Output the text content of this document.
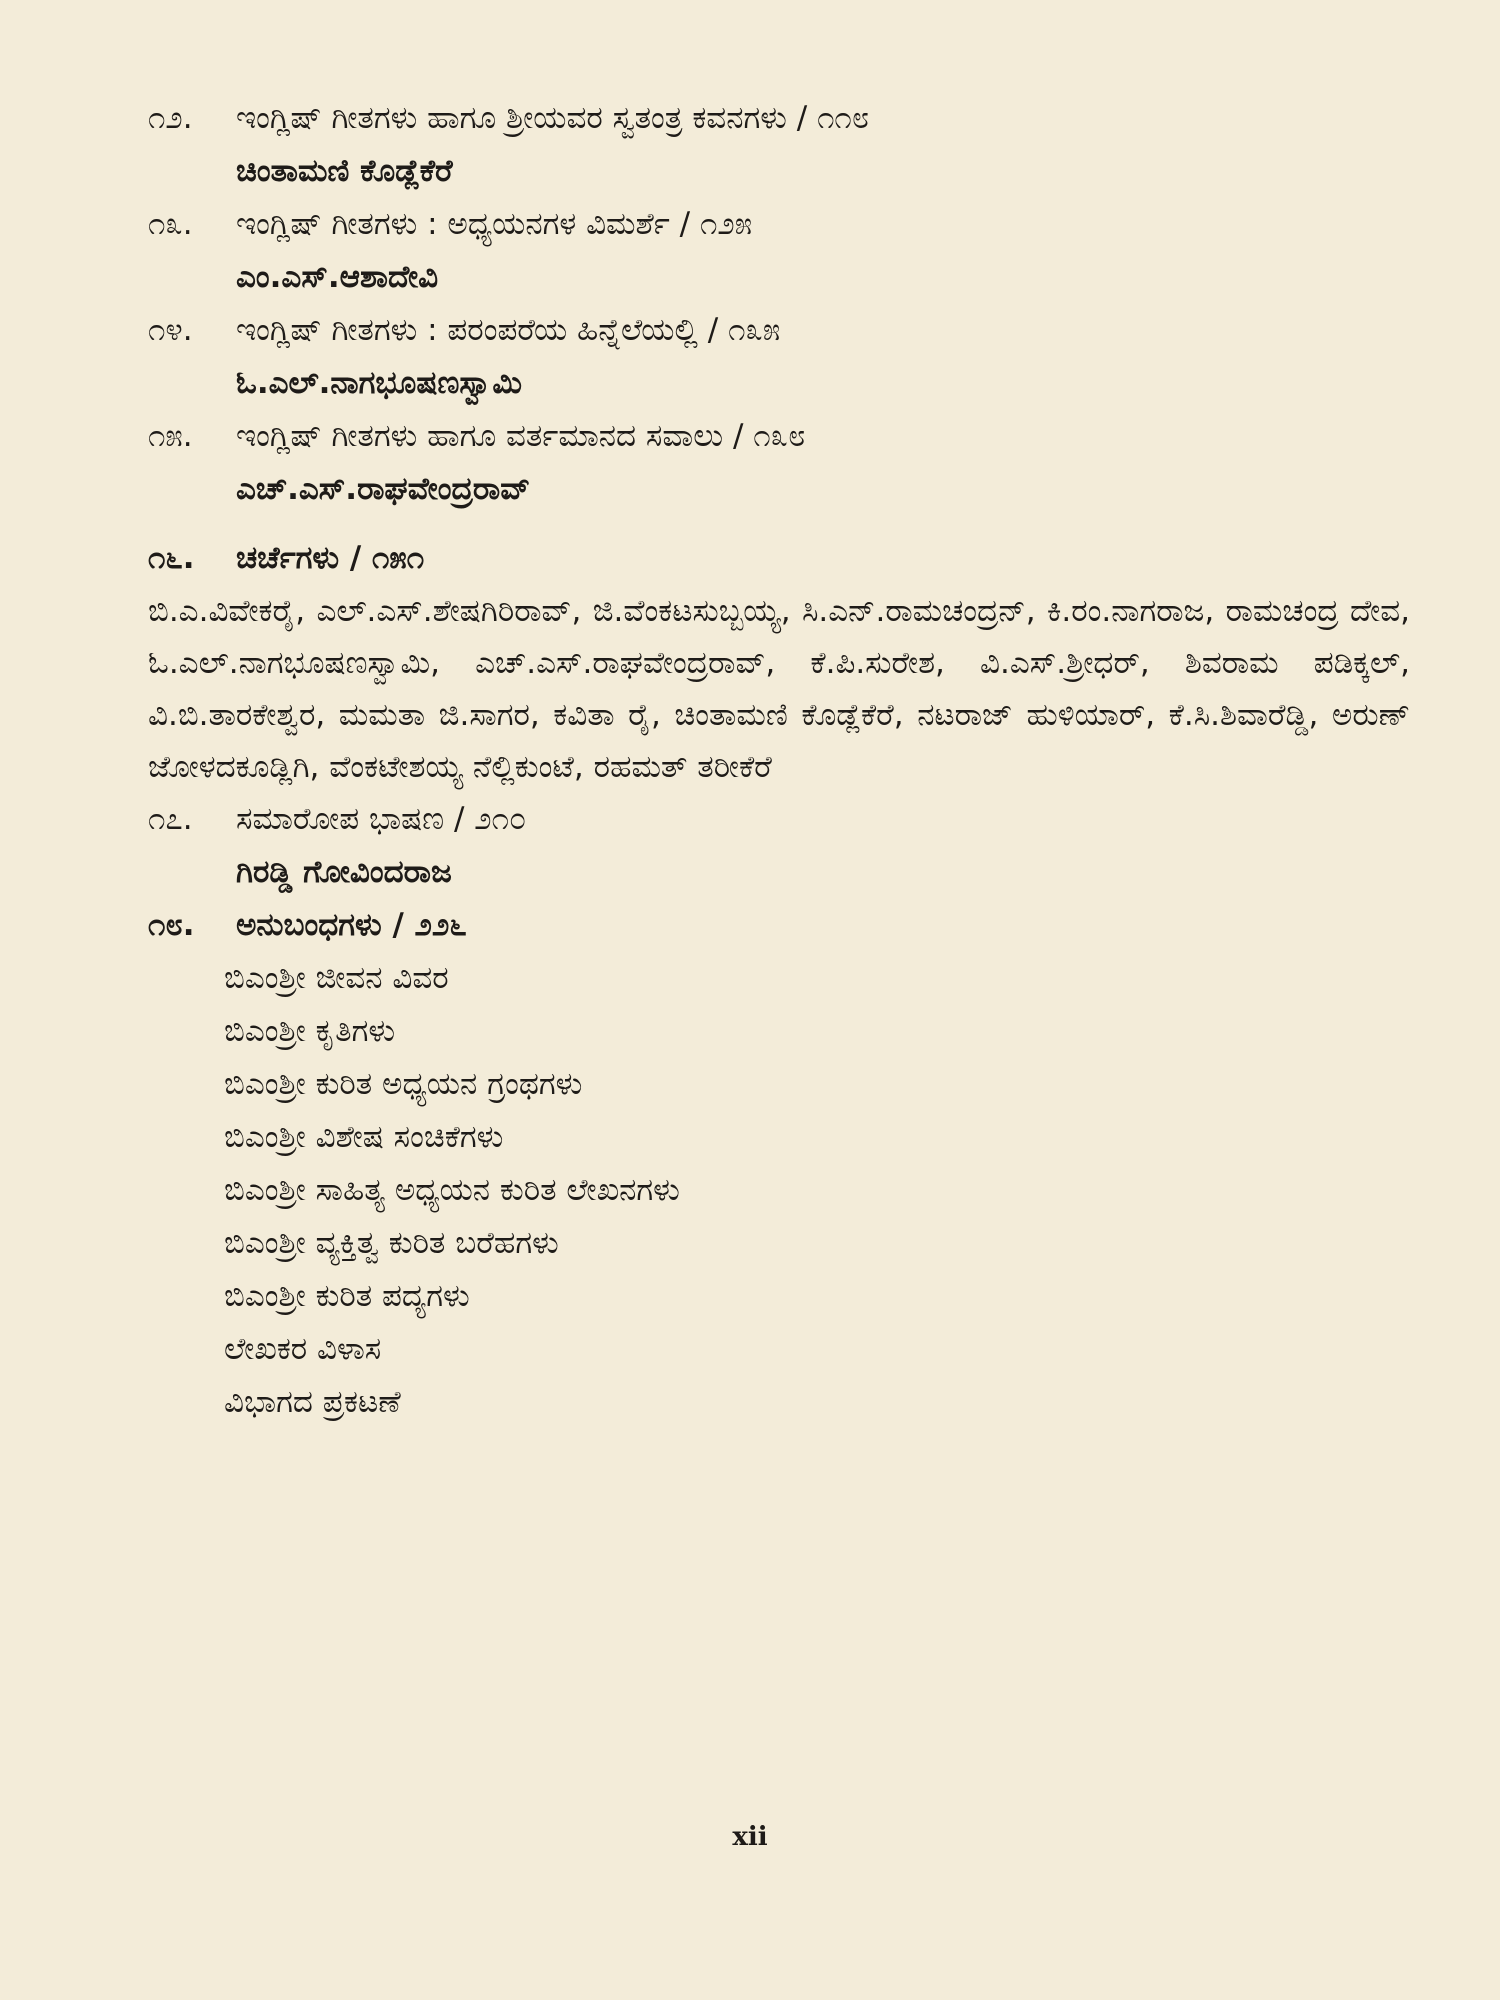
೧೨. ಇಂಗ್ಲಿಷ್ ಗೀತಗಳು ಹಾಗೂ ಶ್ರೀಯವರ ಸ್ವತಂತ್ರ ಕವನಗಳು / ೧೧೮
ಚಿಂತಾಮಣಿ ಕೊಡ್ಲೆಕೆರೆ
೧೩. ಇಂಗ್ಲಿಷ್ ಗೀತಗಳು : ಅಧ್ಯಯನಗಳ ವಿಮರ್ಶೆ / ೧೨೫
ಎಂ.ಎಸ್.ಆಶಾದೇವಿ
೧೪. ಇಂಗ್ಲಿಷ್ ಗೀತಗಳು : ಪರಂಪರೆಯ ಹಿನ್ನೆಲೆಯಲ್ಲಿ / ೧೩೫
ಓ.ಎಲ್.ನಾಗಭೂಷಣಸ್ವಾಮಿ
೧೫. ಇಂಗ್ಲಿಷ್ ಗೀತಗಳು ಹಾಗೂ ವರ್ತಮಾನದ ಸವಾಲು / ೧೩೮
ಎಚ್.ಎಸ್.ರಾಘವೇಂದ್ರರಾವ್
೧೬. ಚರ್ಚೆಗಳು / ೧೫೧
ಬಿ.ಎ.ವಿವೇಕರೈ, ಎಲ್.ಎಸ್.ಶೇಷಗಿರಿರಾವ್, ಜಿ.ವೆಂಕಟಸುಬ್ಬಯ್ಯ, ಸಿ.ಎನ್.ರಾಮಚಂದ್ರನ್, ಕಿ.ರಂ.ನಾಗರಾಜ, ರಾಮಚಂದ್ರ ದೇವ, ಓ.ಎಲ್.ನಾಗಭೂಷಣಸ್ವಾಮಿ, ಎಚ್.ಎಸ್.ರಾಘವೇಂದ್ರರಾವ್, ಕೆ.ಪಿ.ಸುರೇಶ, ವಿ.ಎಸ್.ಶ್ರೀಧರ್, ಶಿವರಾಮ ಪಡಿಕ್ಕಲ್, ವಿ.ಬಿ.ತಾರಕೇಶ್ವರ, ಮಮತಾ ಜಿ.ಸಾಗರ, ಕವಿತಾ ರೈ, ಚಿಂತಾಮಣಿ ಕೊಡ್ಲೆಕೆರೆ, ನಟರಾಜ್ ಹುಳಿಯಾರ್, ಕೆ.ಸಿ.ಶಿವಾರೆಡ್ಡಿ, ಅರುಣ್ ಜೋಳದಕೂಡ್ಲಿಗಿ, ವೆಂಕಟೇಶಯ್ಯ ನೆಲ್ಲಿಕುಂಟೆ, ರಹಮತ್ ತರೀಕೆರೆ
೧೭. ಸಮಾರೋಪ ಭಾಷಣ / ೨೧೦
ಗಿರಡ್ಡಿ ಗೋವಿಂದರಾಜ
೧೮. ಅನುಬಂಧಗಳು / ೨೨೬
ಬಿಎಂಶ್ರೀ ಜೀವನ ವಿವರ
ಬಿಎಂಶ್ರೀ ಕೃತಿಗಳು
ಬಿಎಂಶ್ರೀ ಕುರಿತ ಅಧ್ಯಯನ ಗ್ರಂಥಗಳು
ಬಿಎಂಶ್ರೀ ವಿಶೇಷ ಸಂಚಿಕೆಗಳು
ಬಿಎಂಶ್ರೀ ಸಾಹಿತ್ಯ ಅಧ್ಯಯನ ಕುರಿತ ಲೇಖನಗಳು
ಬಿಎಂಶ್ರೀ ವ್ಯಕ್ತಿತ್ವ ಕುರಿತ ಬರೆಹಗಳು
ಬಿಎಂಶ್ರೀ ಕುರಿತ ಪದ್ಯಗಳು
ಲೇಖಕರ ವಿಳಾಸ
ವಿಭಾಗದ ಪ್ರಕಟಣೆ
xii
